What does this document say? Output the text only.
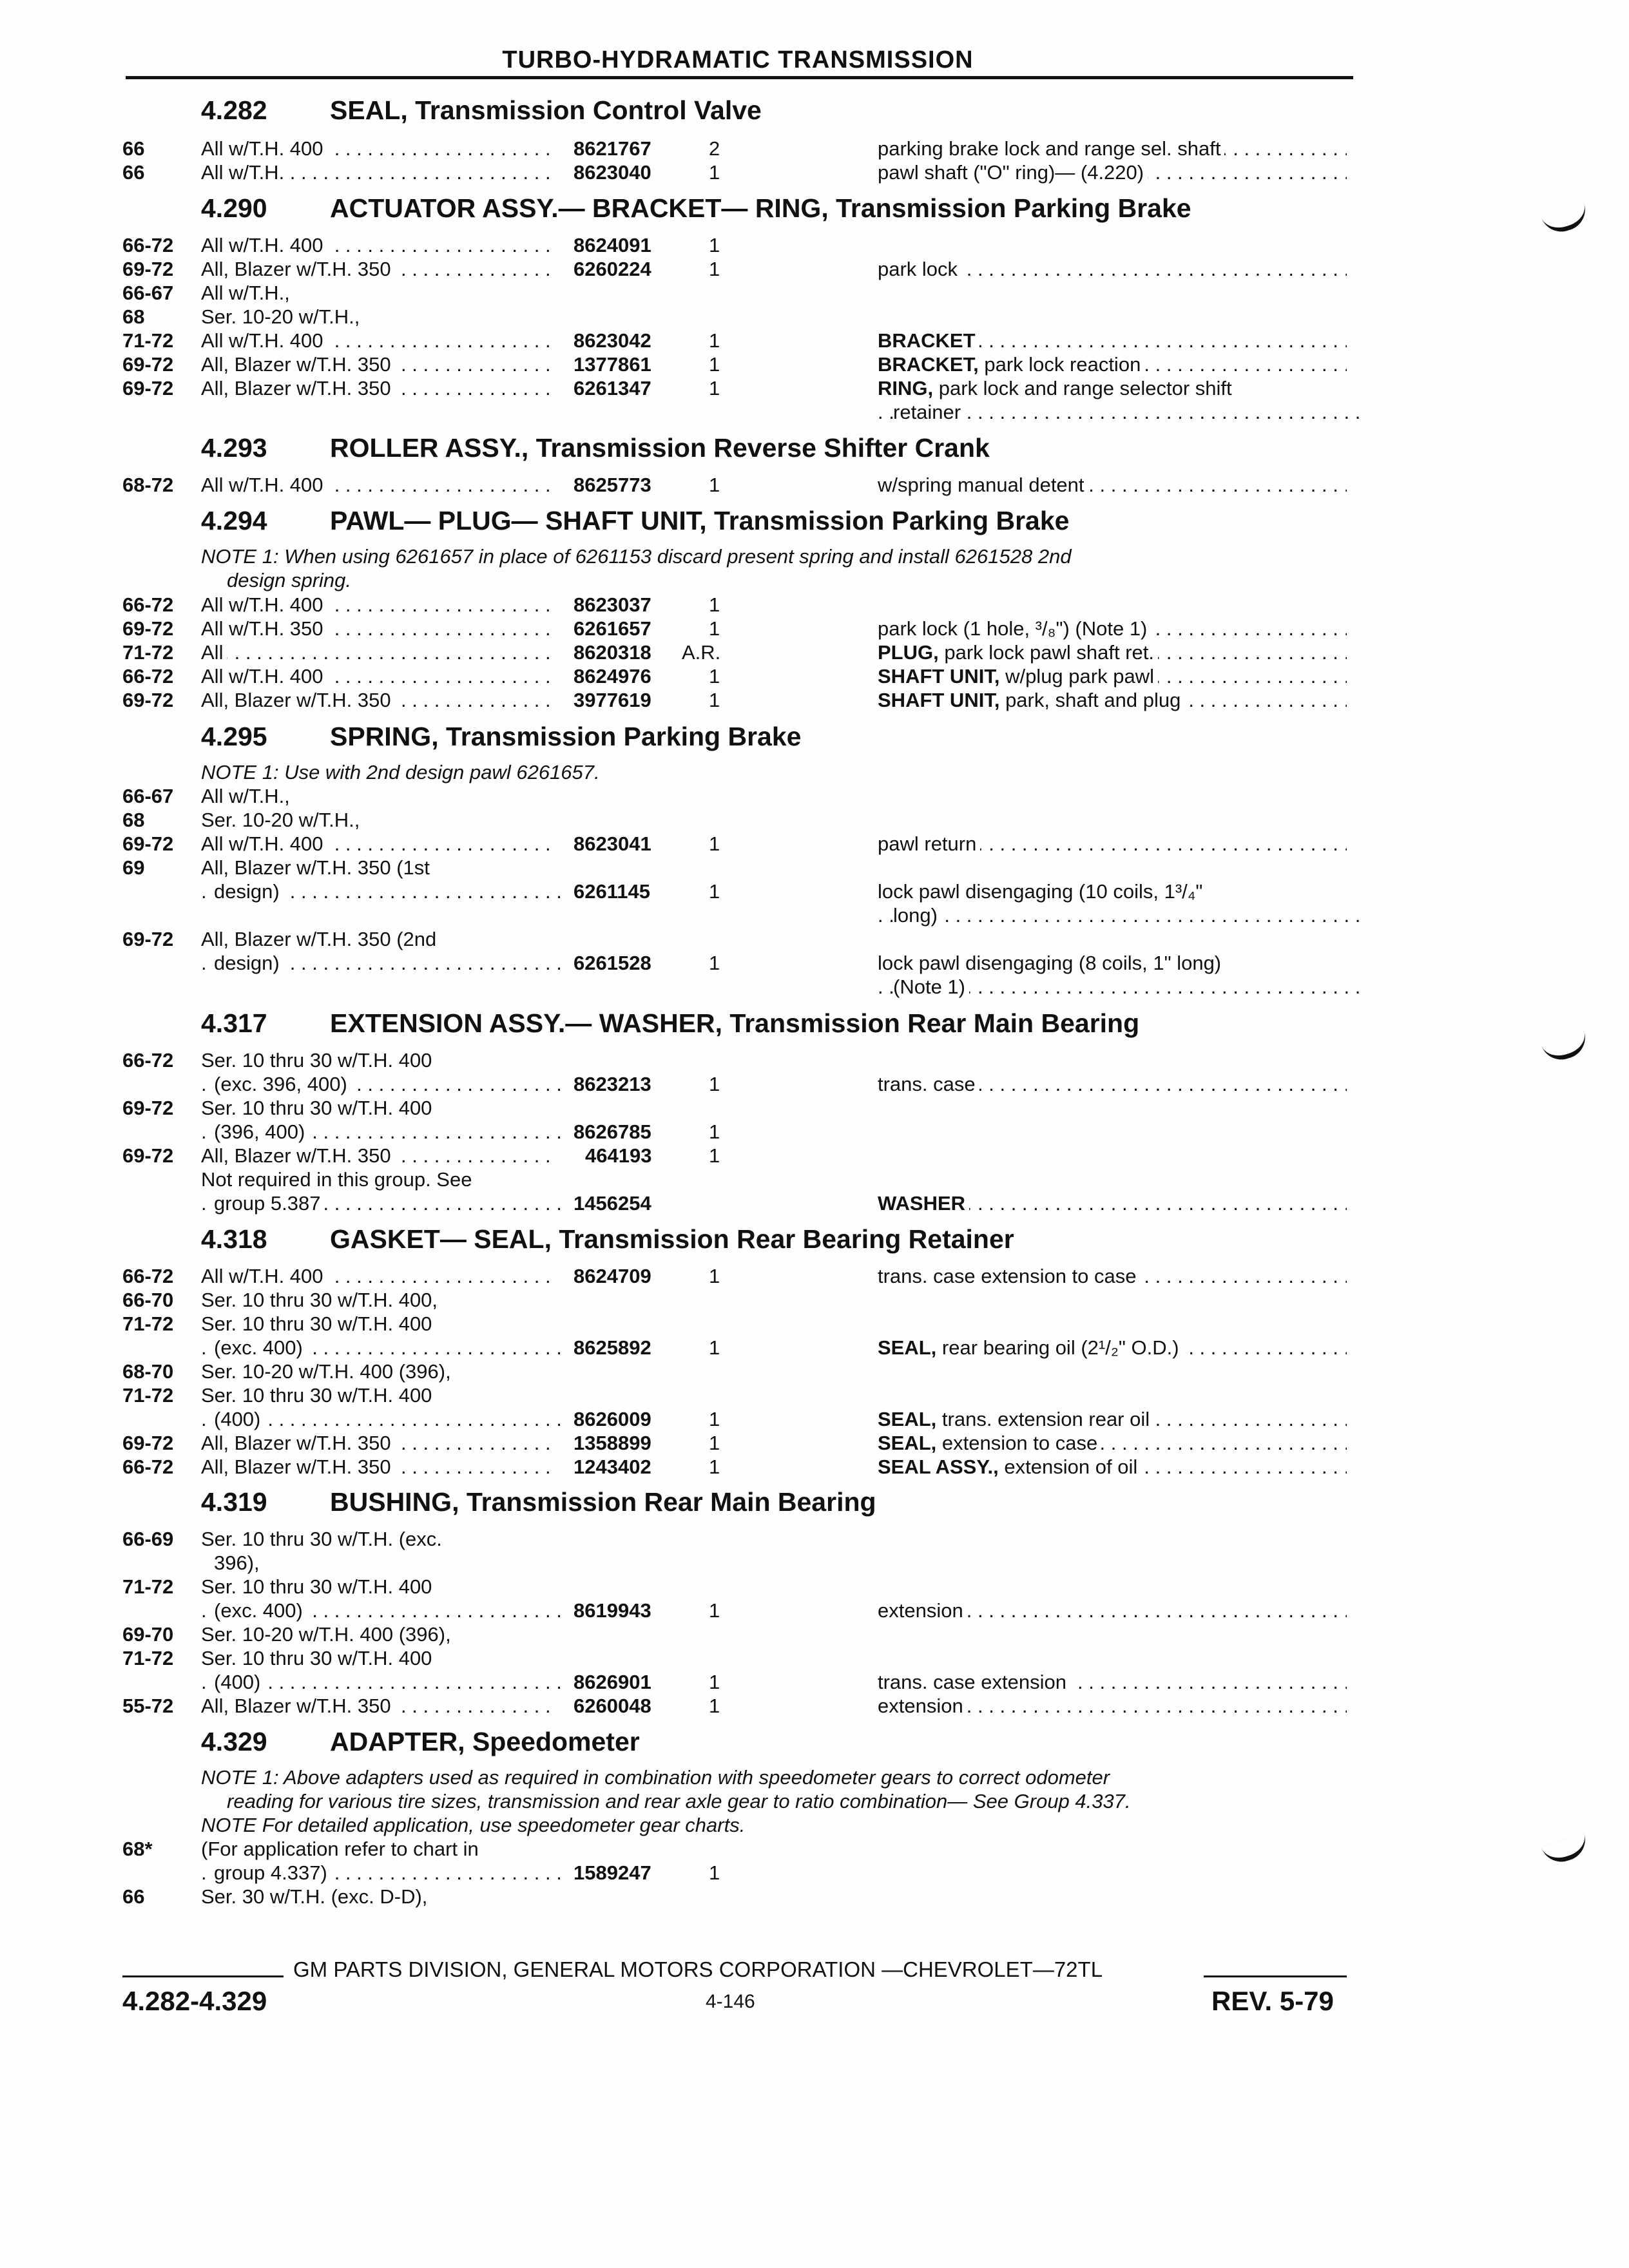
TURBO-HYDRAMATIC TRANSMISSION
4.282 SEAL, Transmission Control Valve
66	All w/T.H. 400 . . .	8621767	2	parking brake lock and range sel. shaft . . .
66	All w/T.H. . . .	8623040	1	pawl shaft ("O" ring)— (4.220) . . .
4.290 ACTUATOR ASSY.— BRACKET— RING, Transmission Parking Brake
66-72 All w/T.H. 400 . . .	8624091	1
69-72 All, Blazer w/T.H. 350 . . .	6260224	1	park lock . . .
66-67 All w/T.H.,
68	Ser. 10-20 w/T.H.,
71-72 All w/T.H. 400 . . .	8623042	1	BRACKET . . .
69-72 All, Blazer w/T.H. 350 . . .	1377861	1	BRACKET, park lock reaction . . .
69-72 All, Blazer w/T.H. 350 . . .	6261347	1	RING, park lock and range selector shift
retainer . . .
4.293 ROLLER ASSY., Transmission Reverse Shifter Crank
68-72 All w/T.H. 400 . . .	8625773	1	w/spring manual detent . . .
4.294 PAWL— PLUG— SHAFT UNIT, Transmission Parking Brake
NOTE 1: When using 6261657 in place of 6261153 discard present spring and install 6261528 2nd
design spring.
66-72 All w/T.H. 400 . . .	8623037	1
69-72 All w/T.H. 350 . . .	6261657	1	park lock (1 hole, ³/₈") (Note 1) . . .
71-72 All . . .	8620318 A.R.	PLUG, park lock pawl shaft ret. . . .
66-72 All w/T.H. 400 . . .	8624976	1	SHAFT UNIT, w/plug park pawl . . .
69-72 All, Blazer w/T.H. 350 . . .	3977619	1	SHAFT UNIT, park, shaft and plug . . .
4.295 SPRING, Transmission Parking Brake
NOTE 1: Use with 2nd design pawl 6261657.
66-67 All w/T.H.,
68	Ser. 10-20 w/T.H.,
69-72 All w/T.H. 400 . . .	8623041	1	pawl return . . .
69	All, Blazer w/T.H. 350 (1st
design) . . .	6261145	1	lock pawl disengaging (10 coils, 1³/₄"
long) . . .
69-72 All, Blazer w/T.H. 350 (2nd
design) . . .	6261528	1	lock pawl disengaging (8 coils, 1" long)
(Note 1) . . .
4.317 EXTENSION ASSY.— WASHER, Transmission Rear Main Bearing
66-72 Ser. 10 thru 30 w/T.H. 400
(exc. 396, 400) . . .	8623213	1	trans. case . . .
69-72 Ser. 10 thru 30 w/T.H. 400
(396, 400) . . .	8626785	1
69-72 All, Blazer w/T.H. 350 . . .	464193	1
Not required in this group. See
group 5.387 . . .	1456254	WASHER . . .
4.318 GASKET— SEAL, Transmission Rear Bearing Retainer
66-72 All w/T.H. 400 . . .	8624709	1	trans. case extension to case . . .
66-70 Ser. 10 thru 30 w/T.H. 400,
71-72 Ser. 10 thru 30 w/T.H. 400
(exc. 400) . . .	8625892	1	SEAL, rear bearing oil (2¹/₂" O.D.) . . .
68-70 Ser. 10-20 w/T.H. 400 (396),
71-72 Ser. 10 thru 30 w/T.H. 400
(400) . . .	8626009	1	SEAL, trans. extension rear oil . . .
69-72 All, Blazer w/T.H. 350 . . .	1358899	1	SEAL, extension to case . . .
66-72 All, Blazer w/T.H. 350 . . .	1243402	1	SEAL ASSY., extension of oil . . .
4.319 BUSHING, Transmission Rear Main Bearing
66-69 Ser. 10 thru 30 w/T.H. (exc.
396),
71-72 Ser. 10 thru 30 w/T.H. 400
(exc. 400) . . .	8619943	1	extension . . .
69-70 Ser. 10-20 w/T.H. 400 (396),
71-72 Ser. 10 thru 30 w/T.H. 400
(400) . . .	8626901	1	trans. case extension . . .
55-72 All, Blazer w/T.H. 350 . . .	6260048	1	extension . . .
4.329 ADAPTER, Speedometer
NOTE 1: Above adapters used as required in combination with speedometer gears to correct odometer
reading for various tire sizes, transmission and rear axle gear to ratio combination— See Group 4.337.
NOTE For detailed application, use speedometer gear charts.
68* (For application refer to chart in
group 4.337) . . .	1589247	1
66	Ser. 30 w/T.H. (exc. D-D),
GM PARTS DIVISION, GENERAL MOTORS CORPORATION —CHEVROLET—72TL
4.282-4.329	4-146	REV. 5-79
